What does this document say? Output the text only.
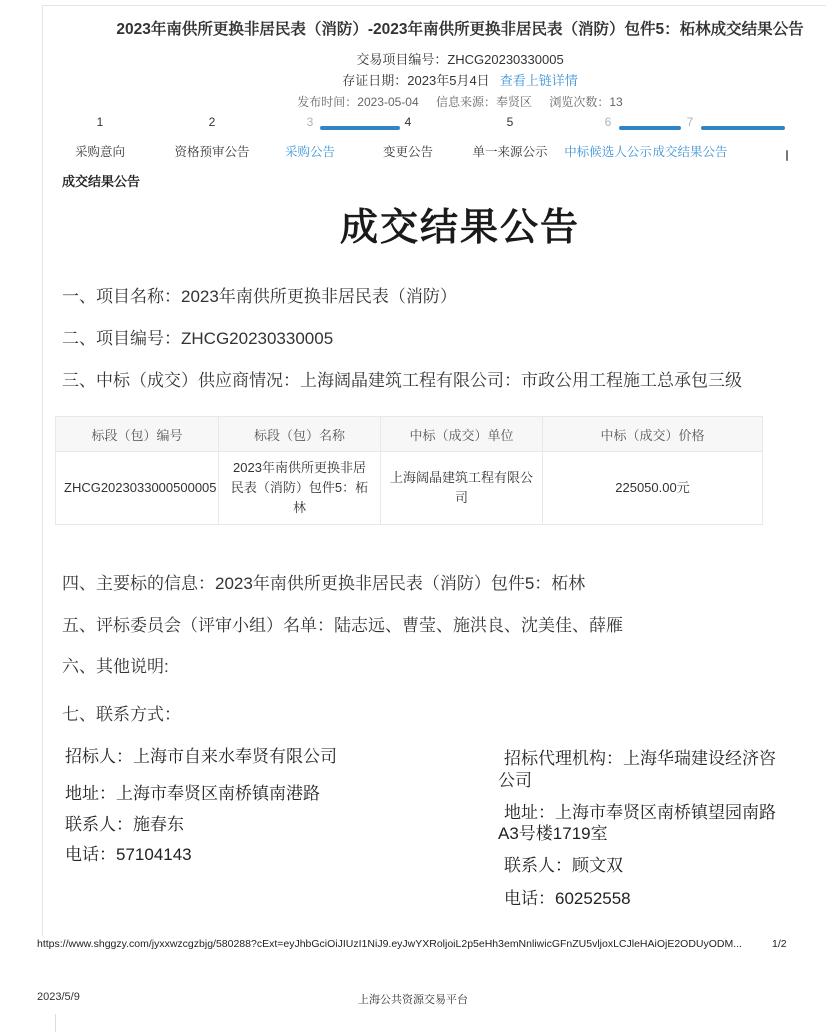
2023年南供所更换非居民表（消防）-2023年南供所更换非居民表（消防）包件5：柘林成交结果公告
交易项目编号：ZHCG20230330005
存证日期：2023年5月4日 查看上链详情
发布时间：2023-05-04 信息来源：奉贤区 浏览次数：13
1
采购意向
2
资格预审公告
3
采购公告
4
变更公告
5
单一来源公示
6
中标候选人公示
7
成交结果公告
成交结果公告
成交结果公告
一、项目名称：2023年南供所更换非居民表（消防）
二、项目编号：ZHCG20230330005
三、中标（成交）供应商情况：上海阔晶建筑工程有限公司：市政公用工程施工总承包三级
标段（包）编号	标段（包）名称	中标（成交）单位	中标（成交）价格
ZHCG2023033000500005	2023年南供所更换非居民表（消防）包件5：柘林	上海阔晶建筑工程有限公司	225050.00元
四、主要标的信息：2023年南供所更换非居民表（消防）包件5：柘林
五、评标委员会（评审小组）名单：陆志远、曹莹、施洪良、沈美佳、薛雁
六、其他说明:
七、联系方式：
招标人：上海市自来水奉贤有限公司
地址：上海市奉贤区南桥镇南港路
联系人：施春东
电话：57104143
招标代理机构：上海华瑞建设经济咨
公司
地址：上海市奉贤区南桥镇望园南路
A3号楼1719室
联系人：顾文双
电话：60252558
https://www.shggzy.com/jyxxwzcgzbjg/580288?cExt=eyJhbGciOiJIUzI1NiJ9.eyJwYXRoljoiL2p5eHh3emNnliwicGFnZU5vljoxLCJleHAiOjE2ODUyODM...	1/2
2023/5/9	上海公共资源交易平台
